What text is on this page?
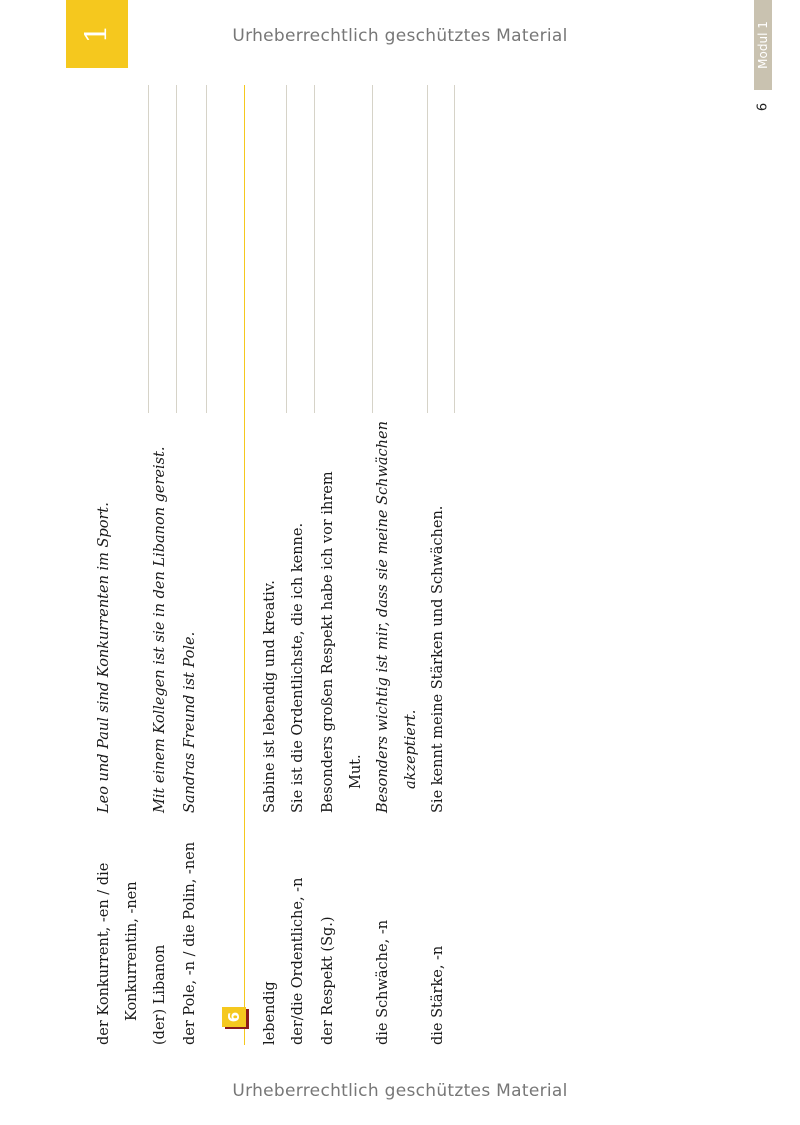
Urheberrechtlich geschütztes Material
1	Modul 1
6
6
der Konkurrent, -en / die Konkurrentin, -nen
Leo und Paul sind Konkurrenten im Sport.
(der) Libanon
Mit einem Kollegen ist sie in den Libanon gereist.
der Pole, -n / die Polin, -nen
Sandras Freund ist Pole.
lebendig
Sabine ist lebendig und kreativ.
der/die Ordentliche, -n
Sie ist die Ordentlichste, die ich kenne.
der Respekt (Sg.)
Besonders großen Respekt habe ich vor ihrem Mut.
die Schwäche, -n
Besonders wichtig ist mir, dass sie meine Schwächen akzeptiert.
die Stärke, -n
Sie kennt meine Stärken und Schwächen.
Urheberrechtlich geschütztes Material
